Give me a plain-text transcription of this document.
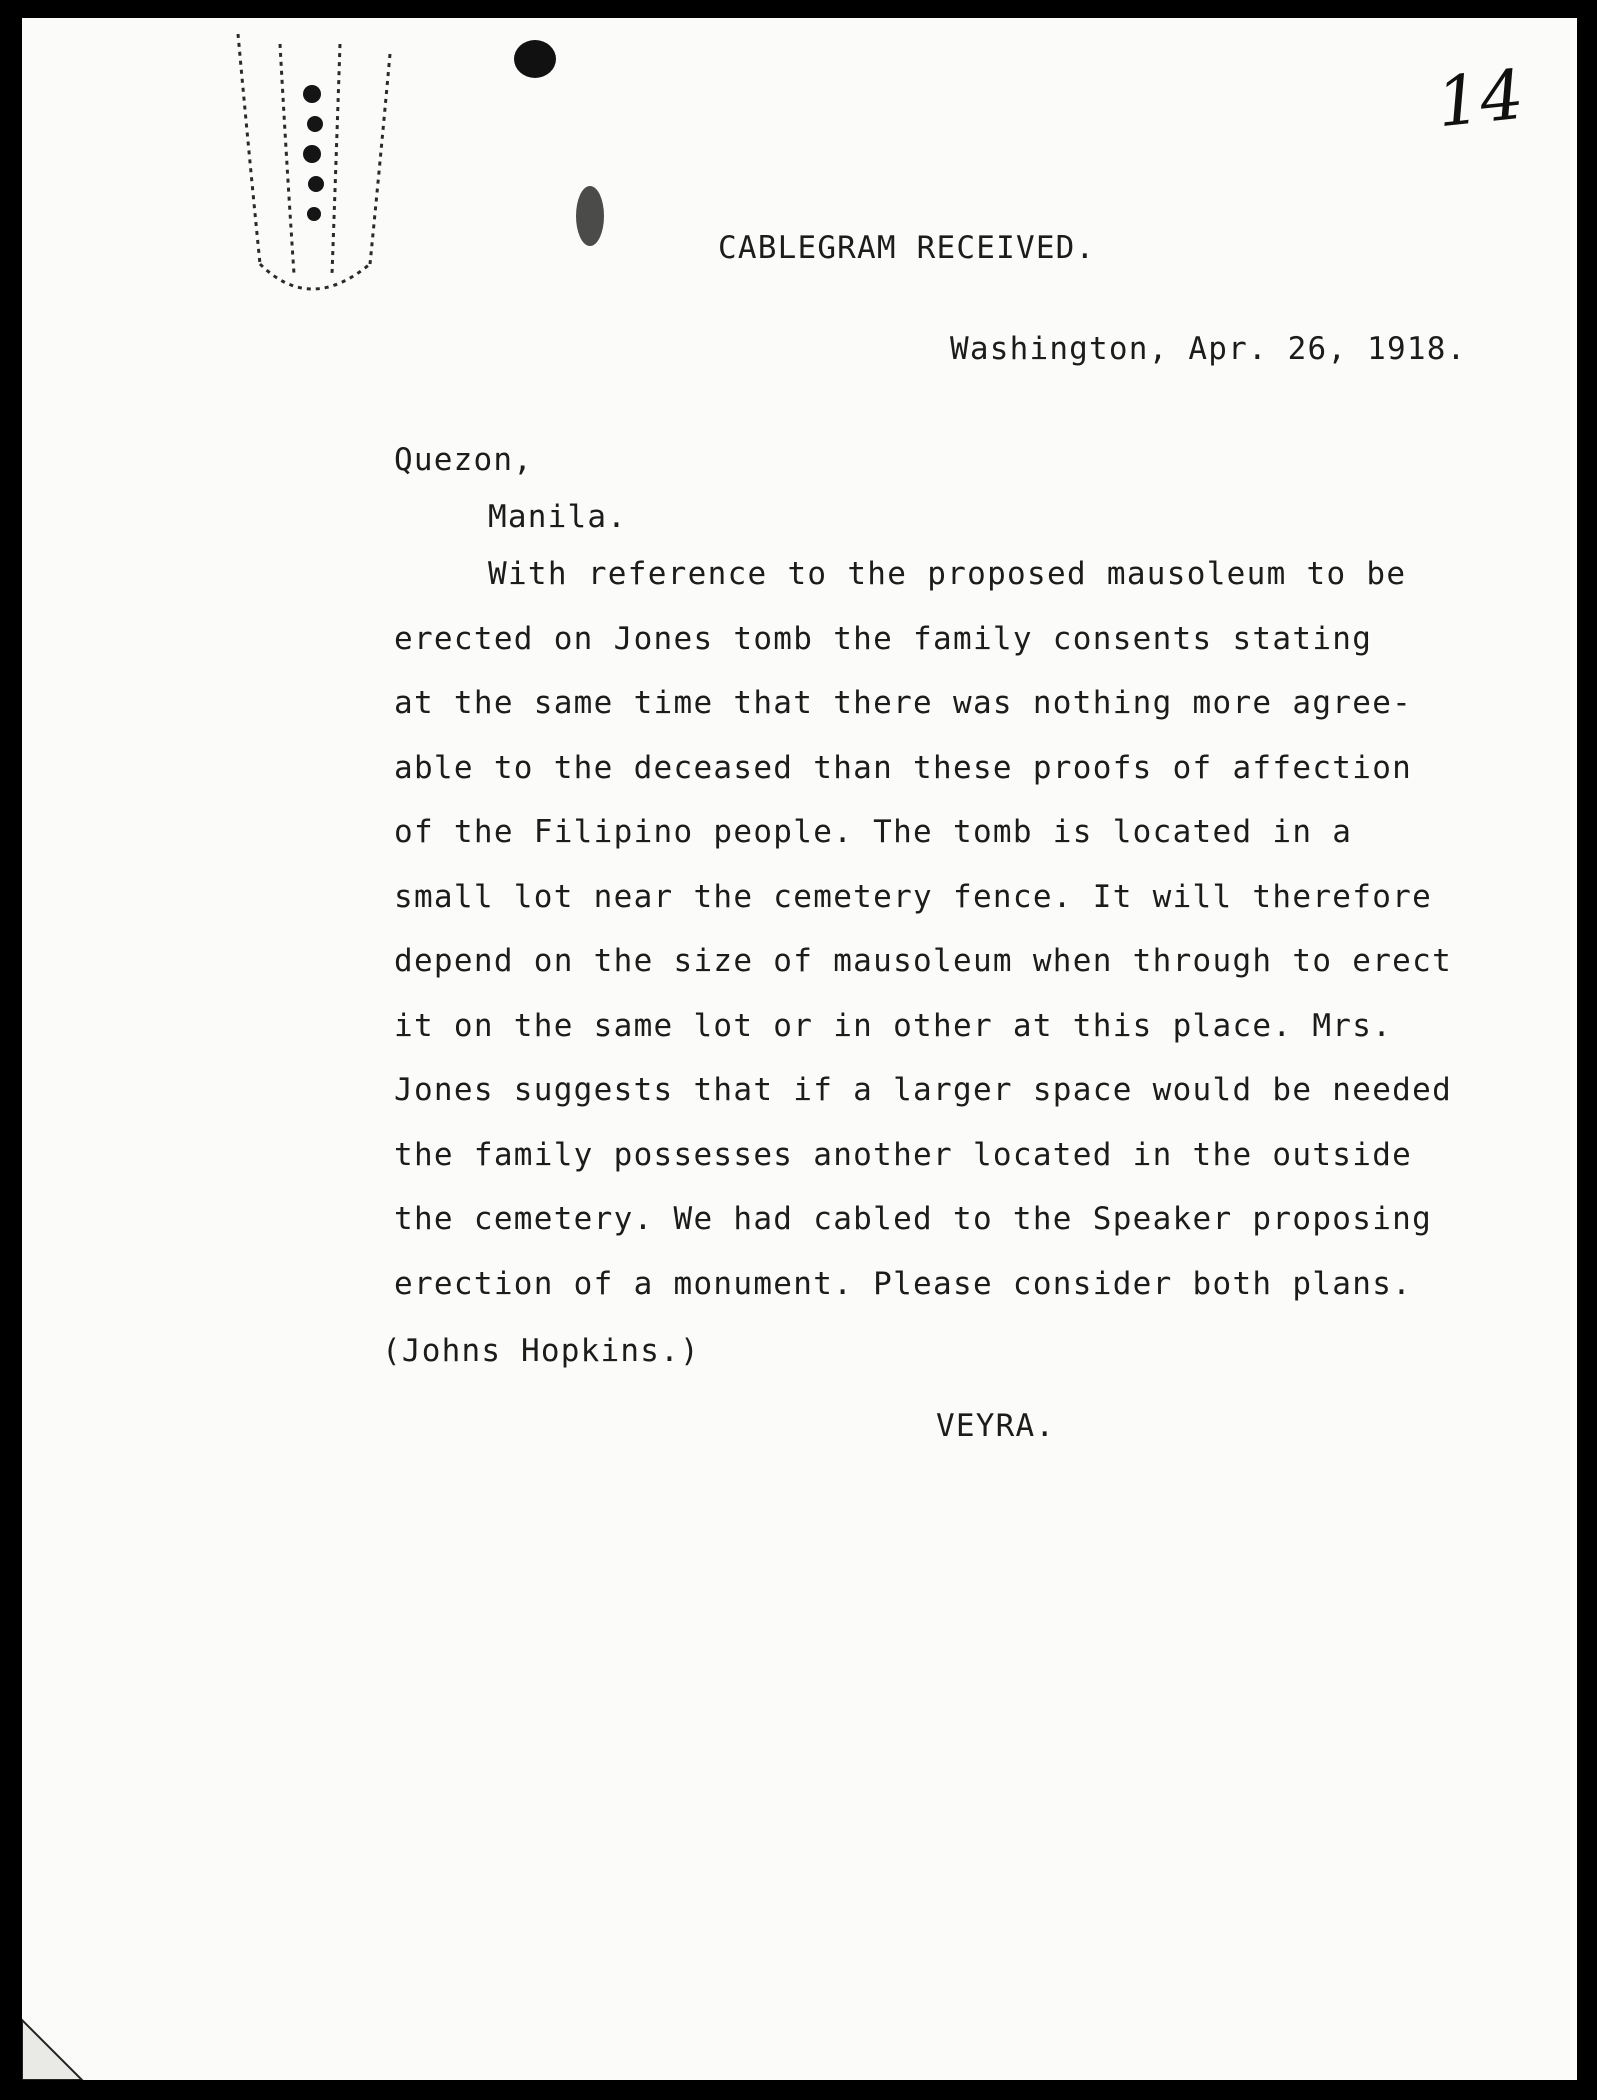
14
CABLEGRAM RECEIVED.
Washington, Apr. 26, 1918.
Quezon,
Manila.
With reference to the proposed mausoleum to be
erected on Jones tomb the family consents stating
at the same time that there was nothing more agree-
able to the deceased than these proofs of affection
of the Filipino people. The tomb is located in a
small lot near the cemetery fence. It will therefore
depend on the size of mausoleum when through to erect
it on the same lot or in other at this place. Mrs.
Jones suggests that if a larger space would be needed
the family possesses another located in the outside
the cemetery. We had cabled to the Speaker proposing
erection of a monument. Please consider both plans.
(Johns Hopkins.)
VEYRA.
